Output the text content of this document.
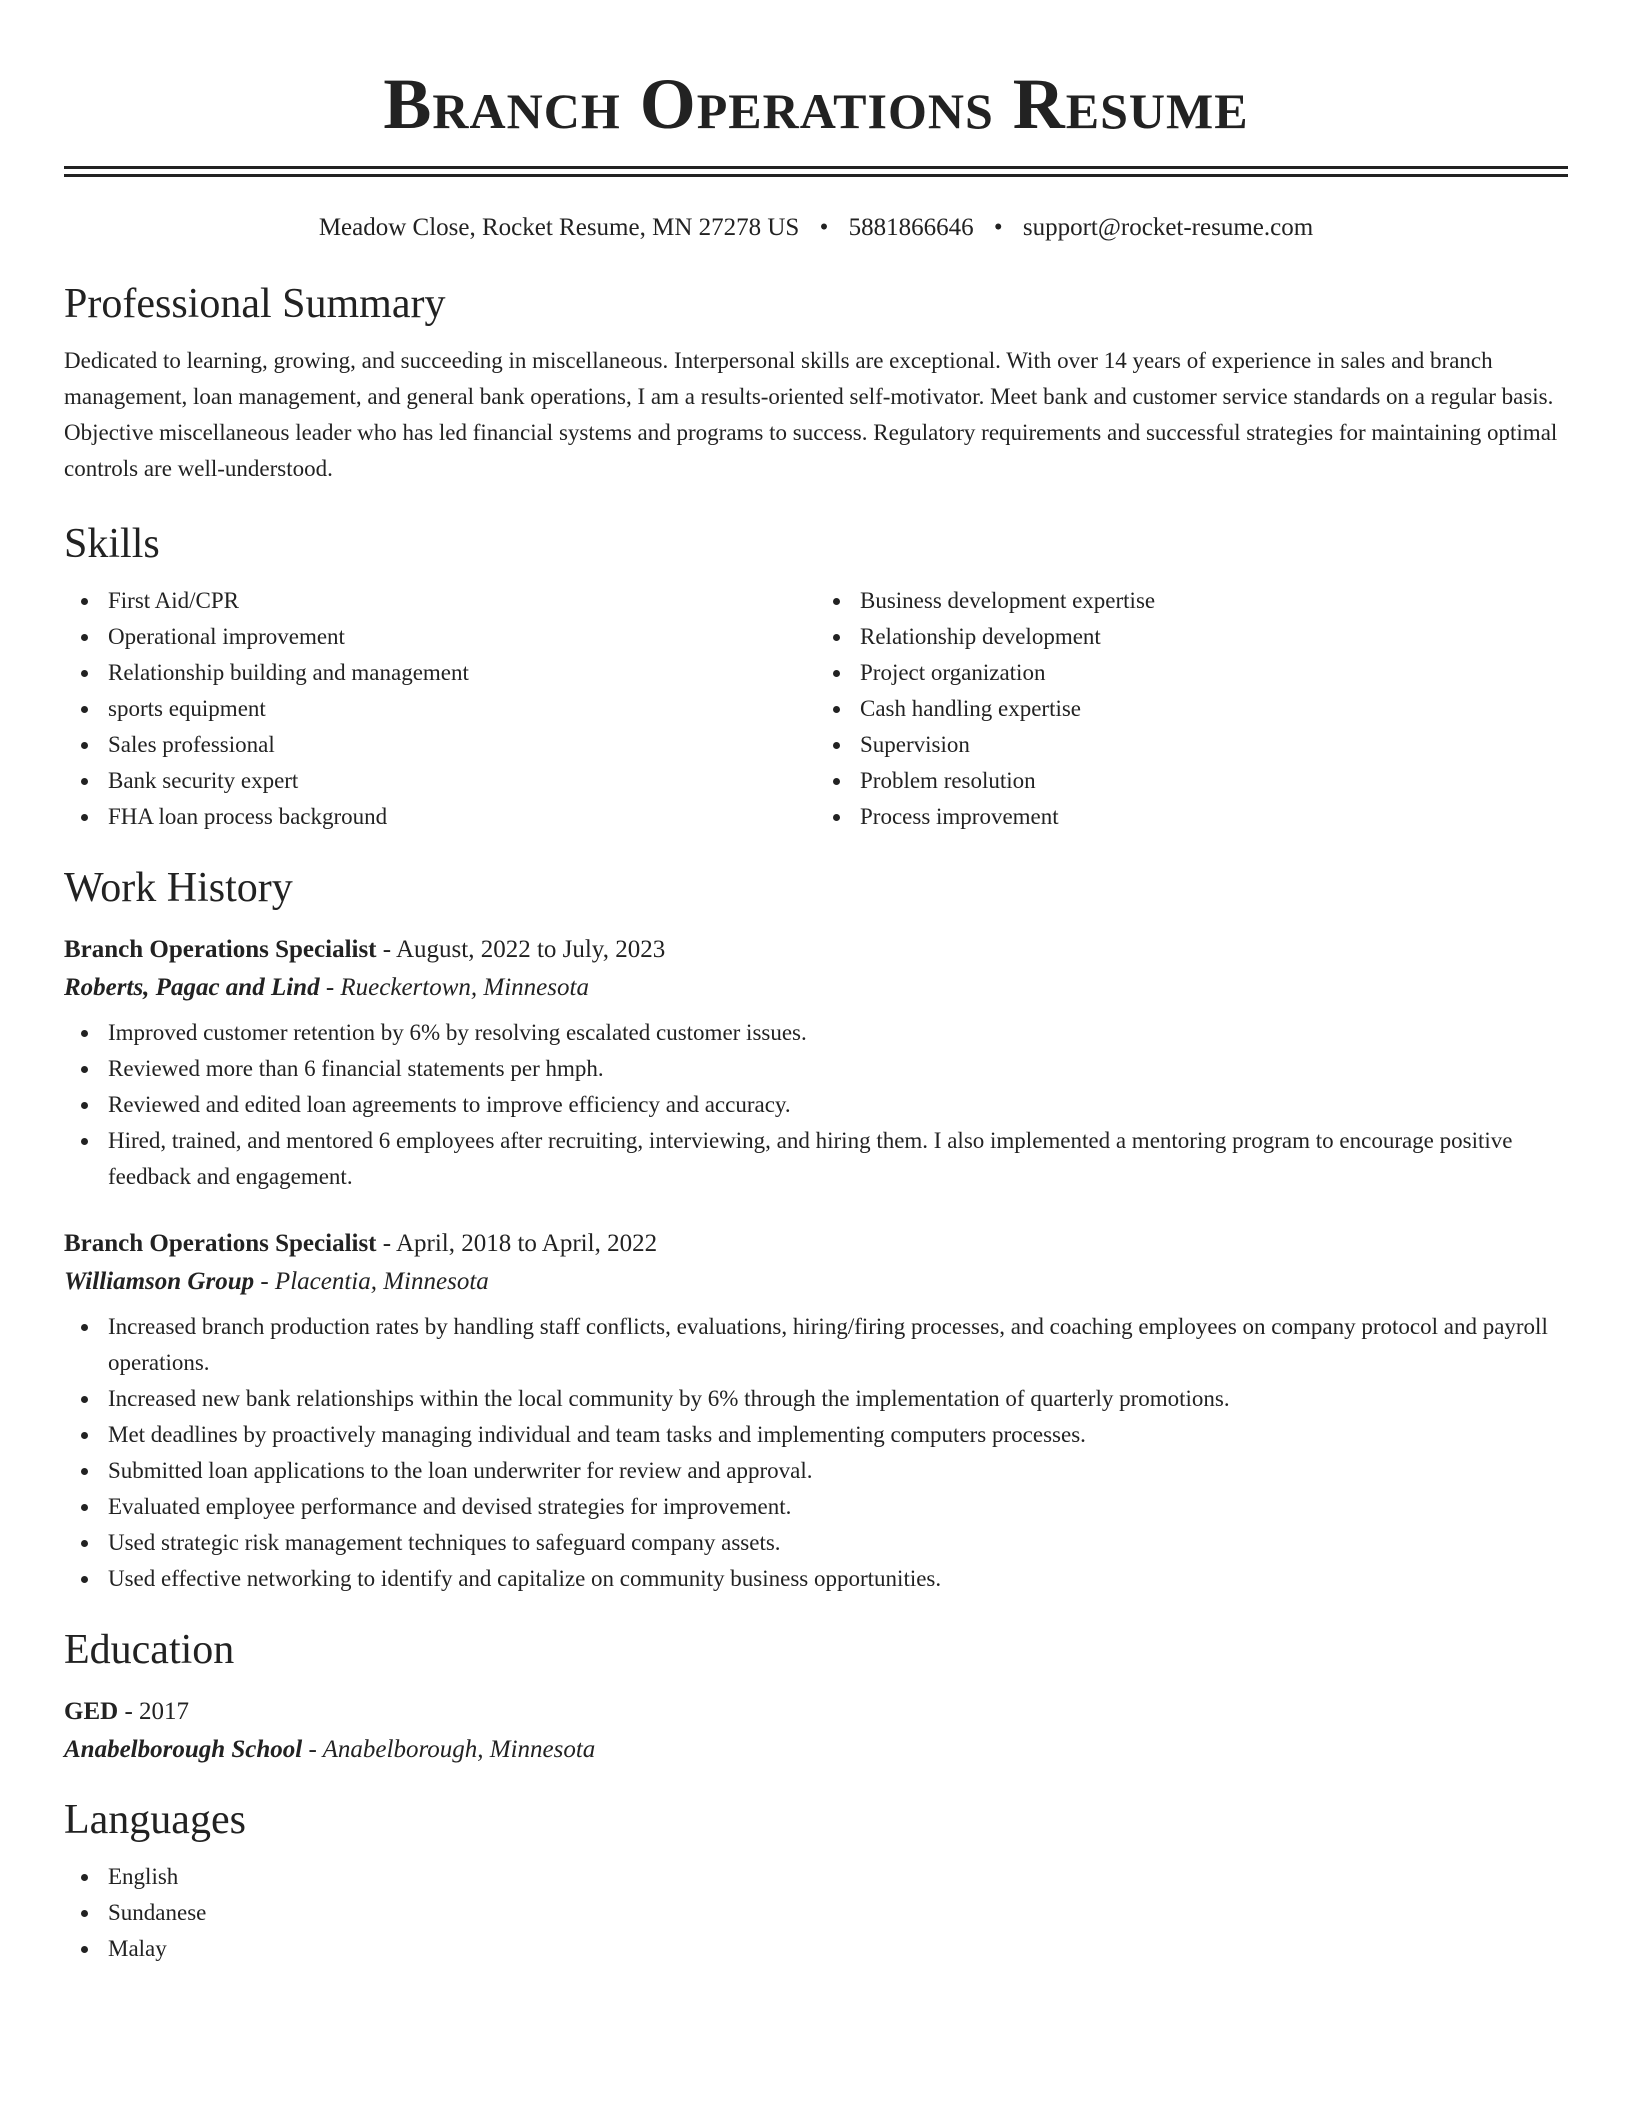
Branch Operations Resume
Meadow Close, Rocket Resume, MN 27278 US • 5881866646 • support@rocket-resume.com
Professional Summary

Dedicated to learning, growing, and succeeding in miscellaneous. Interpersonal skills are exceptional. With over 14 years of experience in sales and branch management, loan management, and general bank operations, I am a results-oriented self-motivator. Meet bank and customer service standards on a regular basis. Objective miscellaneous leader who has led financial systems and programs to success. Regulatory requirements and successful strategies for maintaining optimal controls are well-understood.

Skills
First Aid/CPR
Operational improvement
Relationship building and management
sports equipment
Sales professional
Bank security expert
FHA loan process background
Business development expertise
Relationship development
Project organization
Cash handling expertise
Supervision
Problem resolution
Process improvement
Work History
Branch Operations Specialist - August, 2022 to July, 2023
Roberts, Pagac and Lind - Rueckertown, Minnesota
Improved customer retention by 6% by resolving escalated customer issues.
Reviewed more than 6 financial statements per hmph.
Reviewed and edited loan agreements to improve efficiency and accuracy.
Hired, trained, and mentored 6 employees after recruiting, interviewing, and hiring them. I also implemented a mentoring program to encourage positive feedback and engagement.
Branch Operations Specialist - April, 2018 to April, 2022
Williamson Group - Placentia, Minnesota
Increased branch production rates by handling staff conflicts, evaluations, hiring/firing processes, and coaching employees on company protocol and payroll operations.
Increased new bank relationships within the local community by 6% through the implementation of quarterly promotions.
Met deadlines by proactively managing individual and team tasks and implementing computers processes.
Submitted loan applications to the loan underwriter for review and approval.
Evaluated employee performance and devised strategies for improvement.
Used strategic risk management techniques to safeguard company assets.
Used effective networking to identify and capitalize on community business opportunities.
Education
GED - 2017
Anabelborough School - Anabelborough, Minnesota
Languages
English
Sundanese
Malay
